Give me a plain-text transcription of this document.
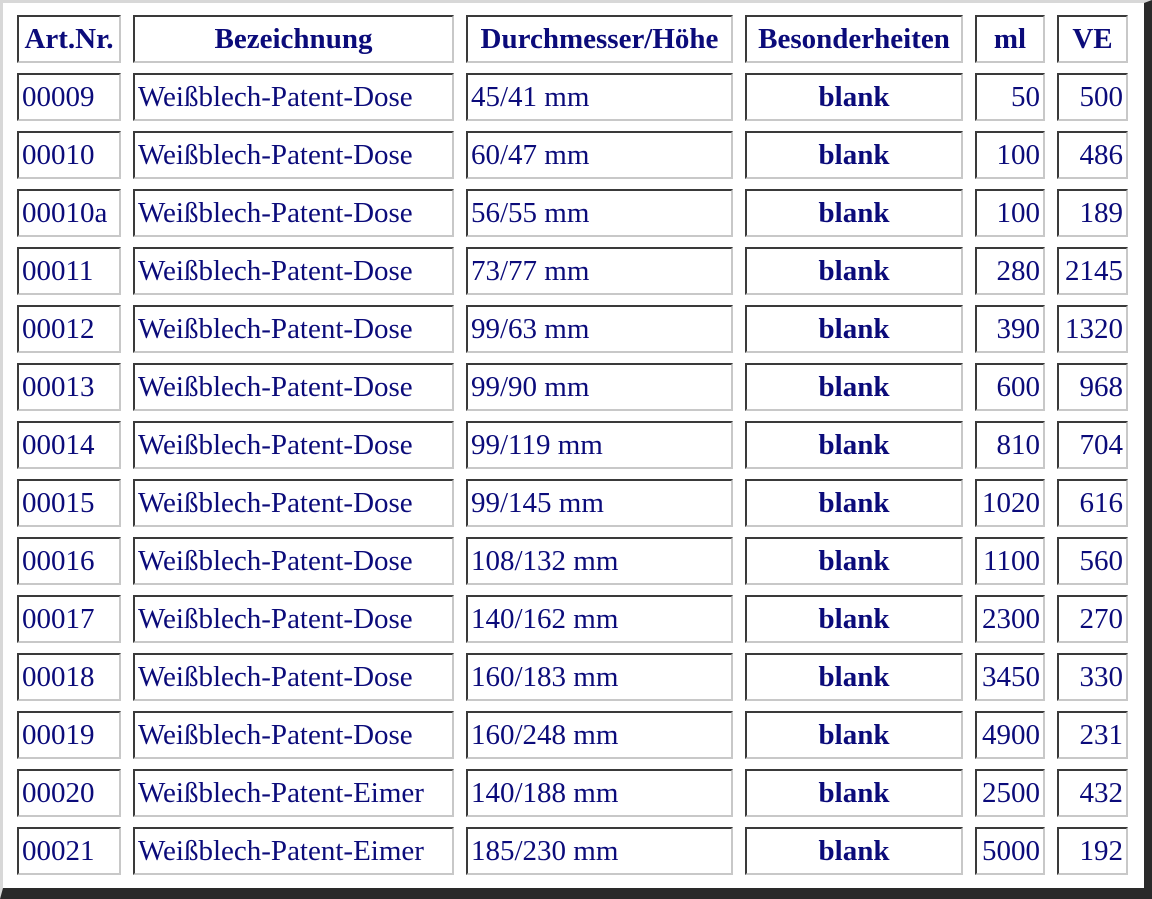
Art.Nr.	Bezeichnung	Durchmesser/Höhe	Besonderheiten	ml	VE
00009	Weißblech-Patent-Dose	45/41 mm	blank	50	500
00010	Weißblech-Patent-Dose	60/47 mm	blank	100	486
00010a	Weißblech-Patent-Dose	56/55 mm	blank	100	189
00011	Weißblech-Patent-Dose	73/77 mm	blank	280	2145
00012	Weißblech-Patent-Dose	99/63 mm	blank	390	1320
00013	Weißblech-Patent-Dose	99/90 mm	blank	600	968
00014	Weißblech-Patent-Dose	99/119 mm	blank	810	704
00015	Weißblech-Patent-Dose	99/145 mm	blank	1020	616
00016	Weißblech-Patent-Dose	108/132 mm	blank	1100	560
00017	Weißblech-Patent-Dose	140/162 mm	blank	2300	270
00018	Weißblech-Patent-Dose	160/183 mm	blank	3450	330
00019	Weißblech-Patent-Dose	160/248 mm	blank	4900	231
00020	Weißblech-Patent-Eimer	140/188 mm	blank	2500	432
00021	Weißblech-Patent-Eimer	185/230 mm	blank	5000	192
